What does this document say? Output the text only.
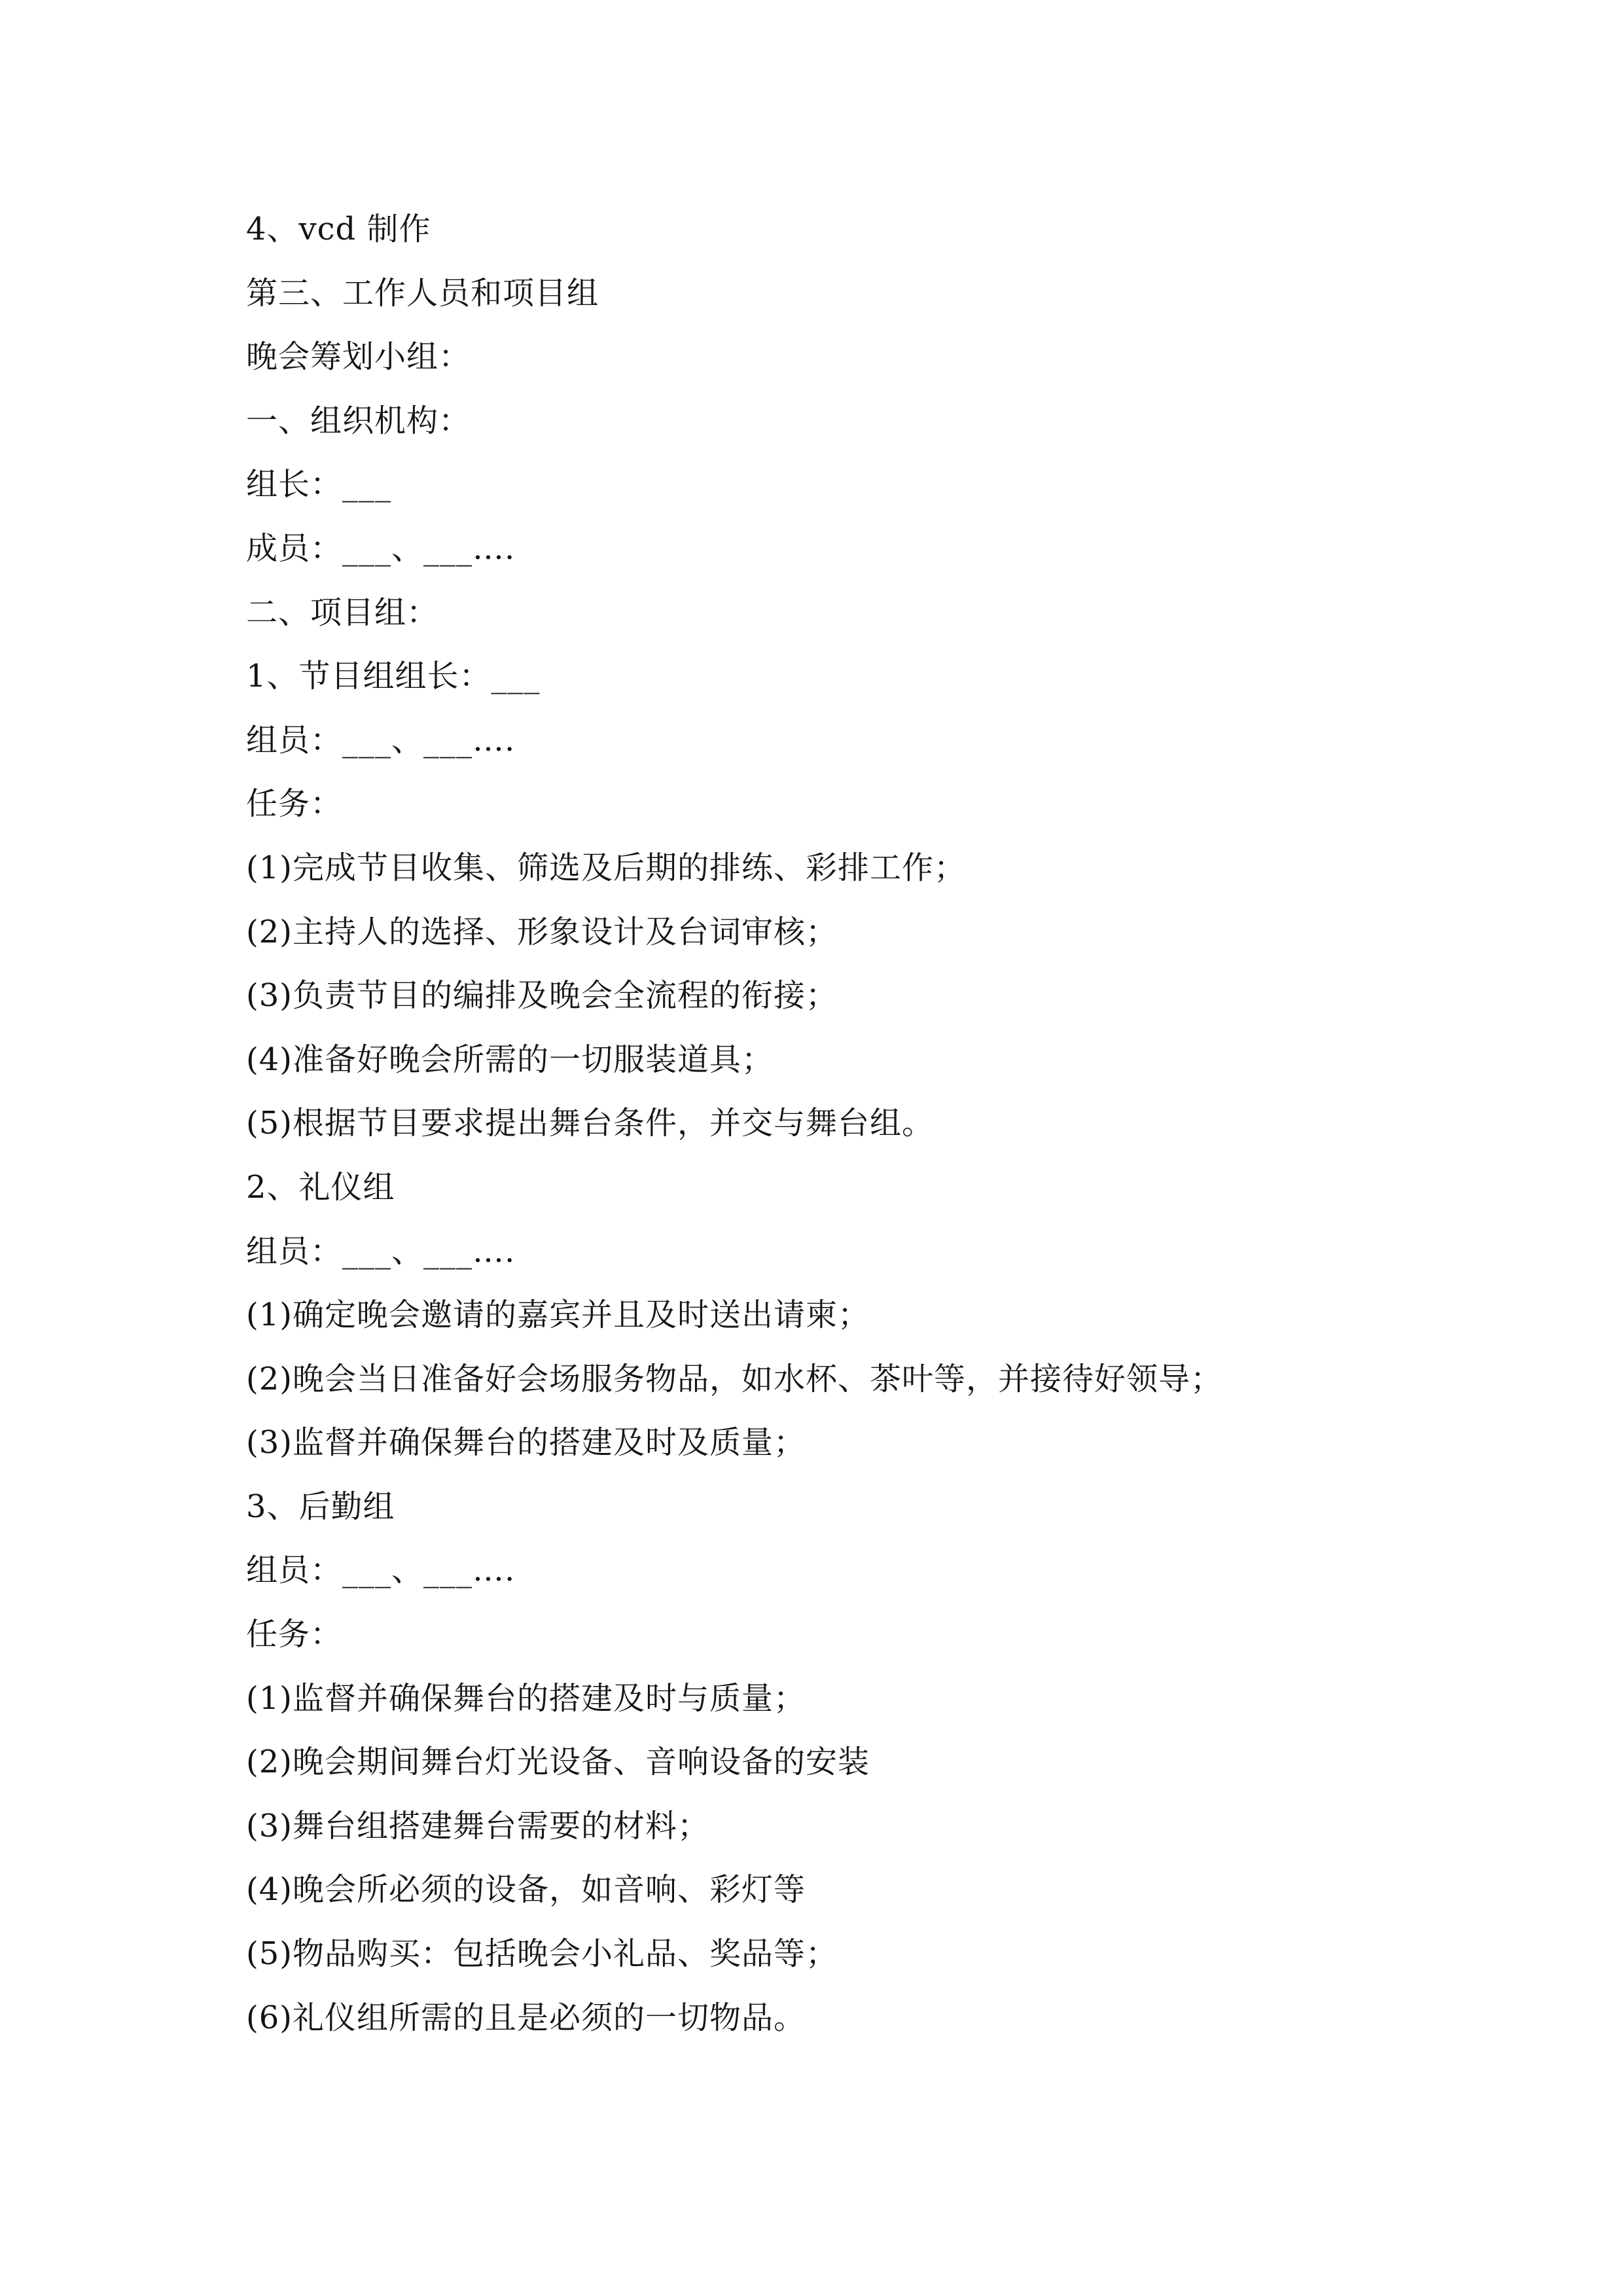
4、vcd 制作
第三、工作人员和项目组
晚会筹划小组：
一、组织机构：
组长：___
成员：___、___….
二、项目组：
1、节目组组长：___
组员：___、___….
任务：
(1)完成节目收集、筛选及后期的排练、彩排工作；
(2)主持人的选择、形象设计及台词审核；
(3)负责节目的编排及晚会全流程的衔接；
(4)准备好晚会所需的一切服装道具；
(5)根据节目要求提出舞台条件，并交与舞台组。
2、礼仪组
组员：___、___….
(1)确定晚会邀请的嘉宾并且及时送出请柬；
(2)晚会当日准备好会场服务物品，如水杯、茶叶等，并接待好领导；
(3)监督并确保舞台的搭建及时及质量；
3、后勤组
组员：___、___….
任务：
(1)监督并确保舞台的搭建及时与质量；
(2)晚会期间舞台灯光设备、音响设备的安装
(3)舞台组搭建舞台需要的材料；
(4)晚会所必须的设备，如音响、彩灯等
(5)物品购买：包括晚会小礼品、奖品等；
(6)礼仪组所需的且是必须的一切物品。
